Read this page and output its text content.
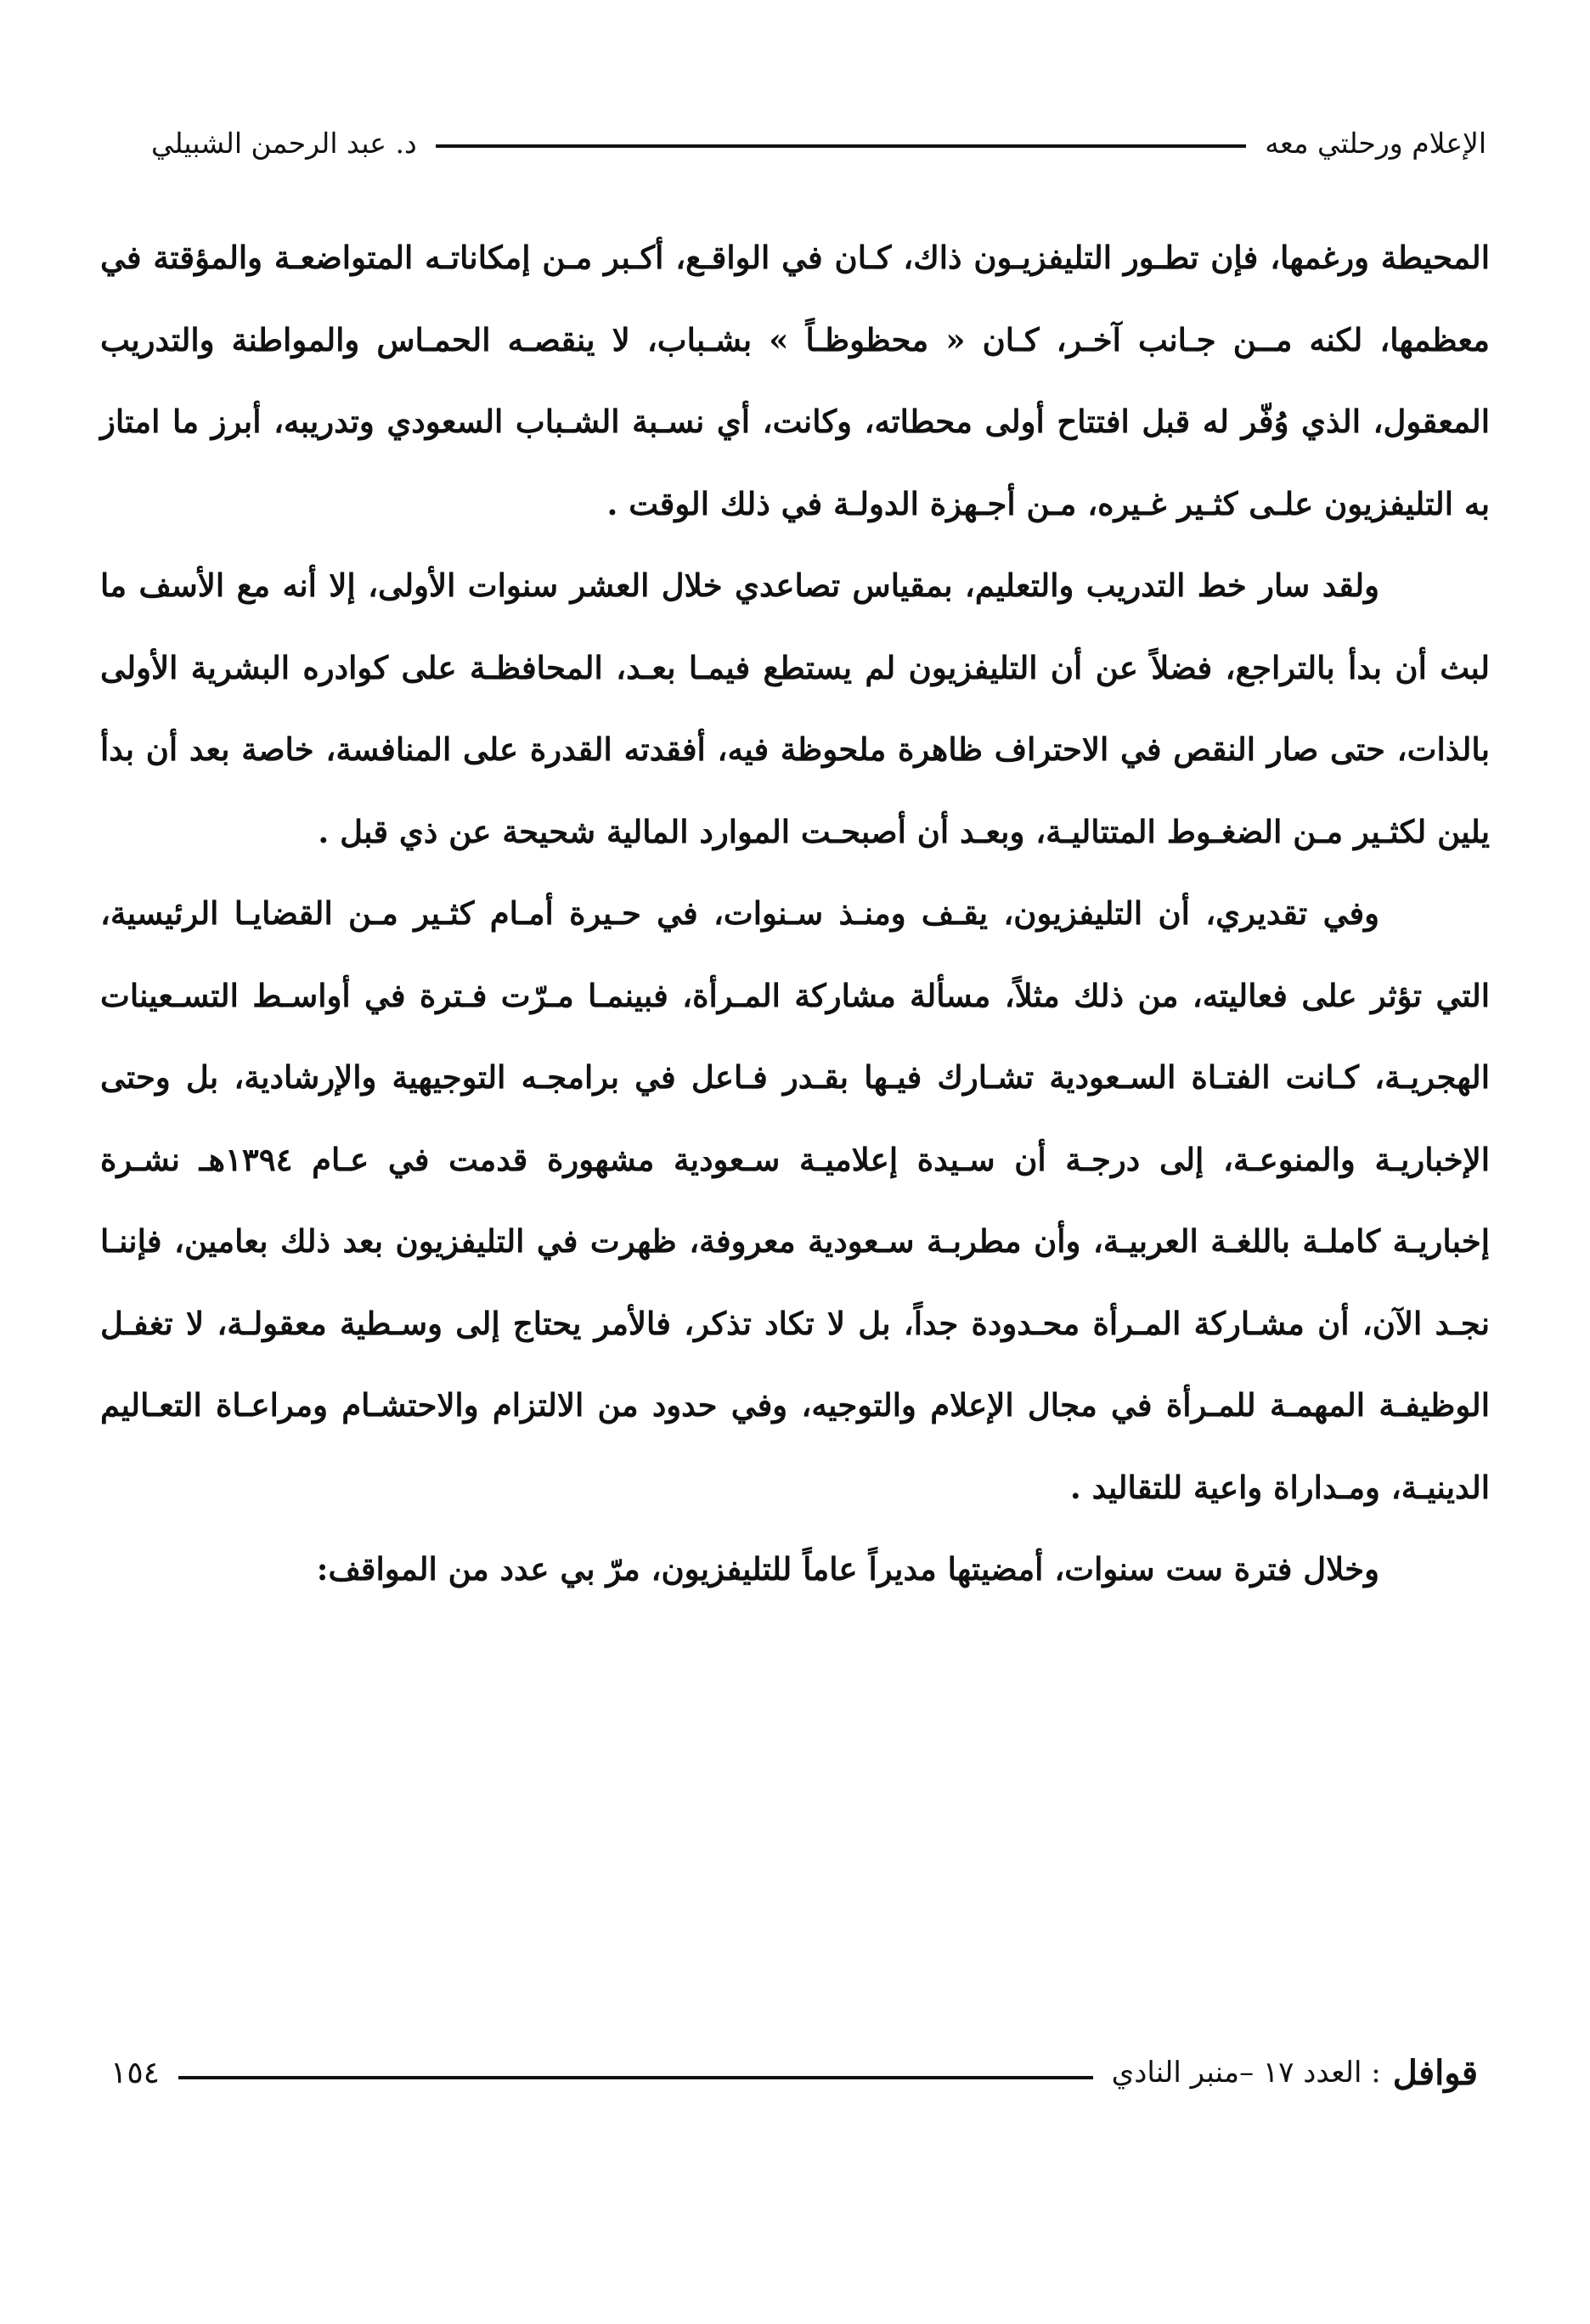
الإعلام ورحلتي معه
د. عبد الرحمن الشبيلي

المحيطة ورغمها، فإن تطـور التليفزيـون ذاك، كـان في الواقـع، أكـبر مـن إمكاناتـه المتواضعـة والمؤقتة في معظمها، لكنه مــن جـانب آخـر، كـان « محظوظـاً » بشـباب، لا ينقصـه الحمـاس والمواطنة والتدريب المعقول، الذي وُفّر له قبل افتتاح أولى محطاته، وكانت، أي نسـبة الشـباب السعودي وتدريبه، أبرز ما امتاز به التليفزيون علـى كثـير غـيره، مـن أجـهزة الدولـة في ذلك الوقت .

ولقد سار خط التدريب والتعليم، بمقياس تصاعدي خلال العشر سنوات الأولى، إلا أنه مع الأسف ما لبث أن بدأ بالتراجع، فضلاً عن أن التليفزيون لم يستطع فيمـا بعـد، المحافظـة على كوادره البشرية الأولى بالذات، حتى صار النقص في الاحتراف ظاهرة ملحوظة فيه، أفقدته القدرة على المنافسة، خاصة بعد أن بدأ يلين لكثـير مـن الضغـوط المتتاليـة، وبعـد أن أصبحـت الموارد المالية شحيحة عن ذي قبل .

وفي تقديري، أن التليفزيون، يقـف ومنـذ سـنوات، في حـيرة أمـام كثـير مـن القضايـا الرئيسية، التي تؤثر على فعاليته، من ذلك مثلاً، مسألة مشاركة المـرأة، فبينمـا مـرّت فـترة في أواسـط التسـعينات الهجريـة، كـانت الفتـاة السـعودية تشـارك فيـها بقـدر فـاعل في برامجـه التوجيهية والإرشادية، بل وحتى الإخباريـة والمنوعـة، إلى درجـة أن سـيدة إعلاميـة سـعودية مشهورة قدمت في عـام ١٣٩٤هـ نشـرة إخباريـة كاملـة باللغـة العربيـة، وأن مطربـة سـعودية معروفة، ظهرت في التليفزيون بعد ذلك بعامين، فإننـا نجـد الآن، أن مشـاركة المـرأة محـدودة جداً، بل لا تكاد تذكر، فالأمر يحتاج إلى وسـطية معقولـة، لا تغفـل الوظيفـة المهمـة للمـرأة في مجال الإعلام والتوجيه، وفي حدود من الالتزام والاحتشـام ومراعـاة التعـاليم الدينيـة، ومـداراة واعية للتقاليد .

وخلال فترة ست سنوات، أمضيتها مديراً عاماً للتليفزيون، مرّ بي عدد من المواقف:

قوافل
: العدد ١٧ –منبر النادي
١٥٤
